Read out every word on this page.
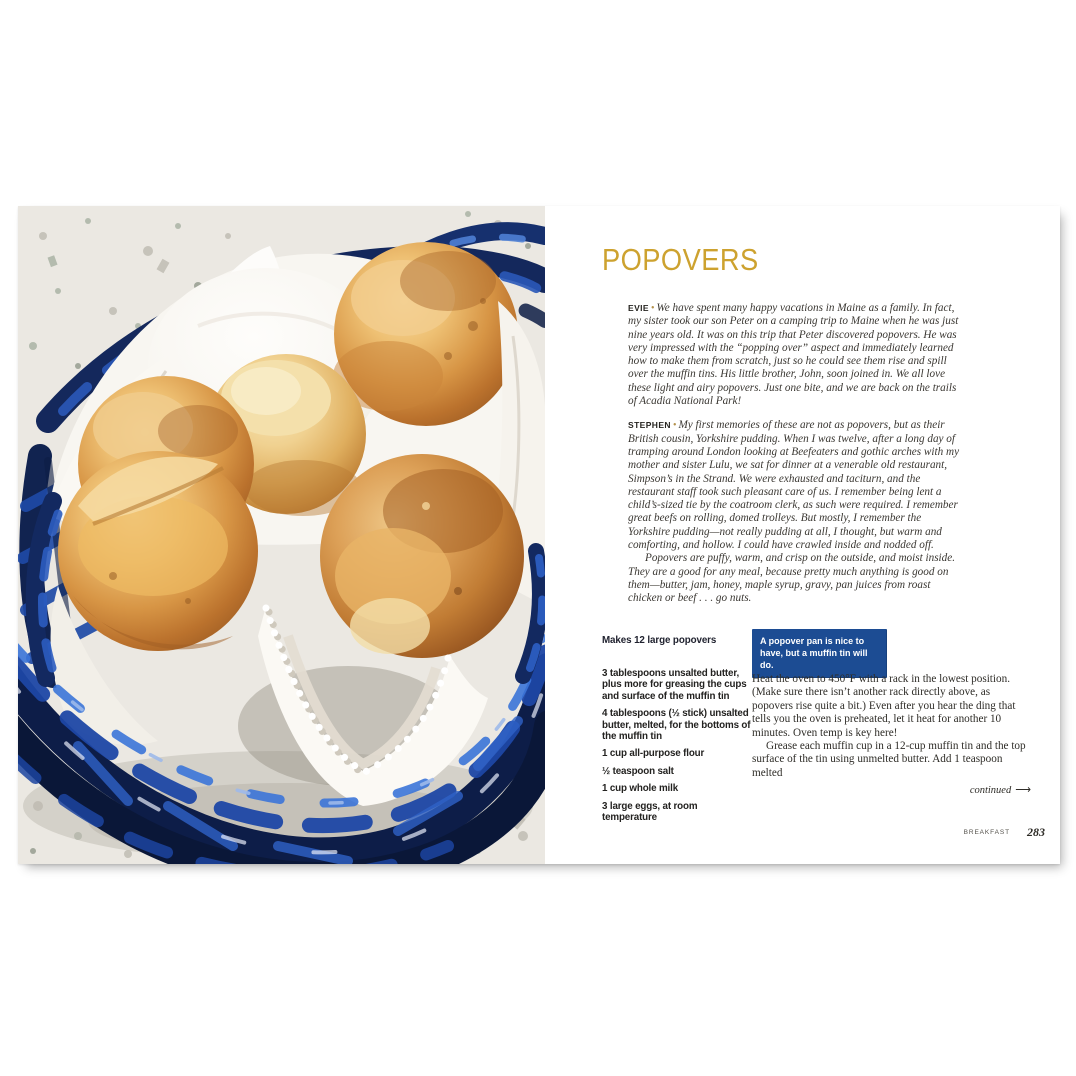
POPOVERS

EVIE • We have spent many happy vacations in Maine as a family. In fact, my sister took our son Peter on a camping trip to Maine when he was just nine years old. It was on this trip that Peter discovered popovers. He was very impressed with the “popping over” aspect and immediately learned how to make them from scratch, just so he could see them rise and spill over the muffin tins. His little brother, John, soon joined in. We all love these light and airy popovers. Just one bite, and we are back on the trails of Acadia National Park!

STEPHEN • My first memories of these are not as popovers, but as their British cousin, Yorkshire pudding. When I was twelve, after a long day of tramping around London looking at Beefeaters and gothic arches with my mother and sister Lulu, we sat for dinner at a venerable old restaurant, Simpson’s in the Strand. We were exhausted and taciturn, and the restaurant staff took such pleasant care of us. I remember being lent a child’s-sized tie by the coatroom clerk, as such were required. I remember great beefs on rolling, domed trolleys. But mostly, I remember the Yorkshire pudding—not really pudding at all, I thought, but warm and comforting, and hollow. I could have crawled inside and nodded off.

Popovers are puffy, warm, and crisp on the outside, and moist inside. They are a good for any meal, because pretty much anything is good on them—butter, jam, honey, maple syrup, gravy, pan juices from roast chicken or beef . . . go nuts.

Makes 12 large popovers	A popover pan is nice to have, but a muffin tin will do.
3 tablespoons unsalted butter, plus more for greasing the cups and surface of the muffin tin
4 tablespoons (½ stick) unsalted butter, melted, for the bottoms of the muffin tin
1 cup all-purpose flour
½ teaspoon salt
1 cup whole milk
3 large eggs, at room temperature

Heat the oven to 450°F with a rack in the lowest position. (Make sure there isn’t another rack directly above, as popovers rise quite a bit.) Even after you hear the ding that tells you the oven is preheated, let it heat for another 10 minutes. Oven temp is key here!

Grease each muffin cup in a 12-cup muffin tin and the top surface of the tin using unmelted butter. Add 1 teaspoon melted

continued ⟶

BREAKFAST 283
